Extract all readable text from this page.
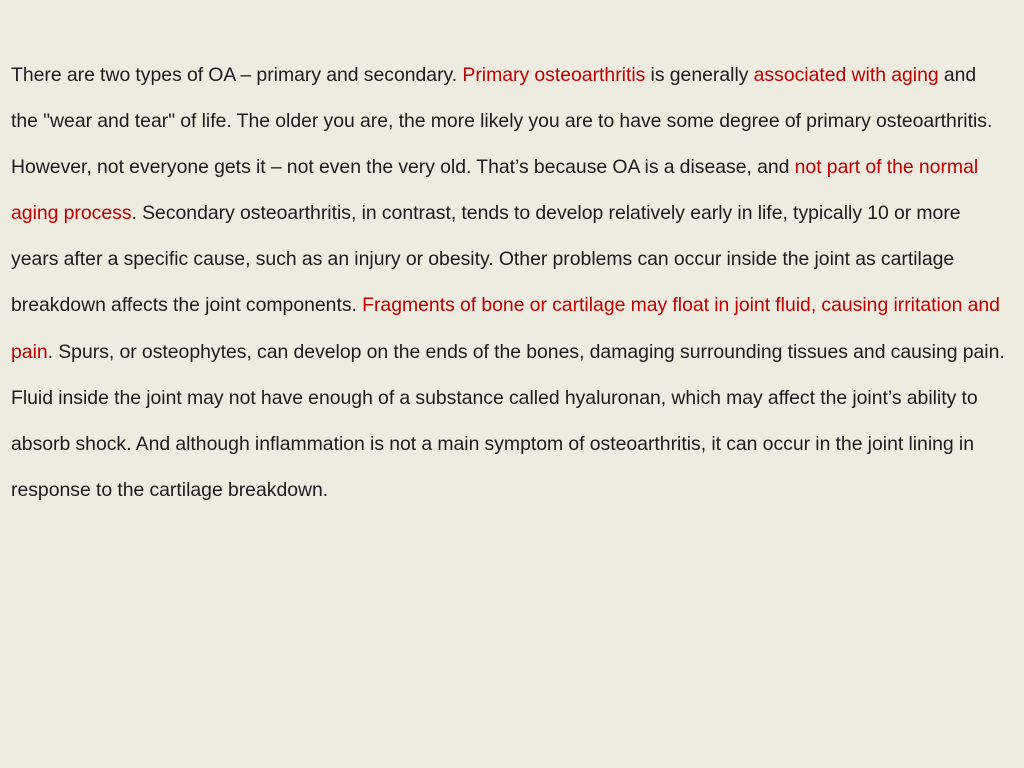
There are two types of OA – primary and secondary. Primary osteoarthritis is generally associated with aging and the "wear and tear" of life. The older you are, the more likely you are to have some degree of primary osteoarthritis. However, not everyone gets it – not even the very old. That’s because OA is a disease, and not part of the normal aging process. Secondary osteoarthritis, in contrast, tends to develop relatively early in life, typically 10 or more years after a specific cause, such as an injury or obesity. Other problems can occur inside the joint as cartilage breakdown affects the joint components. Fragments of bone or cartilage may float in joint fluid, causing irritation and pain. Spurs, or osteophytes, can develop on the ends of the bones, damaging surrounding tissues and causing pain. Fluid inside the joint may not have enough of a substance called hyaluronan, which may affect the joint’s ability to absorb shock. And although inflammation is not a main symptom of osteoarthritis, it can occur in the joint lining in response to the cartilage breakdown.
